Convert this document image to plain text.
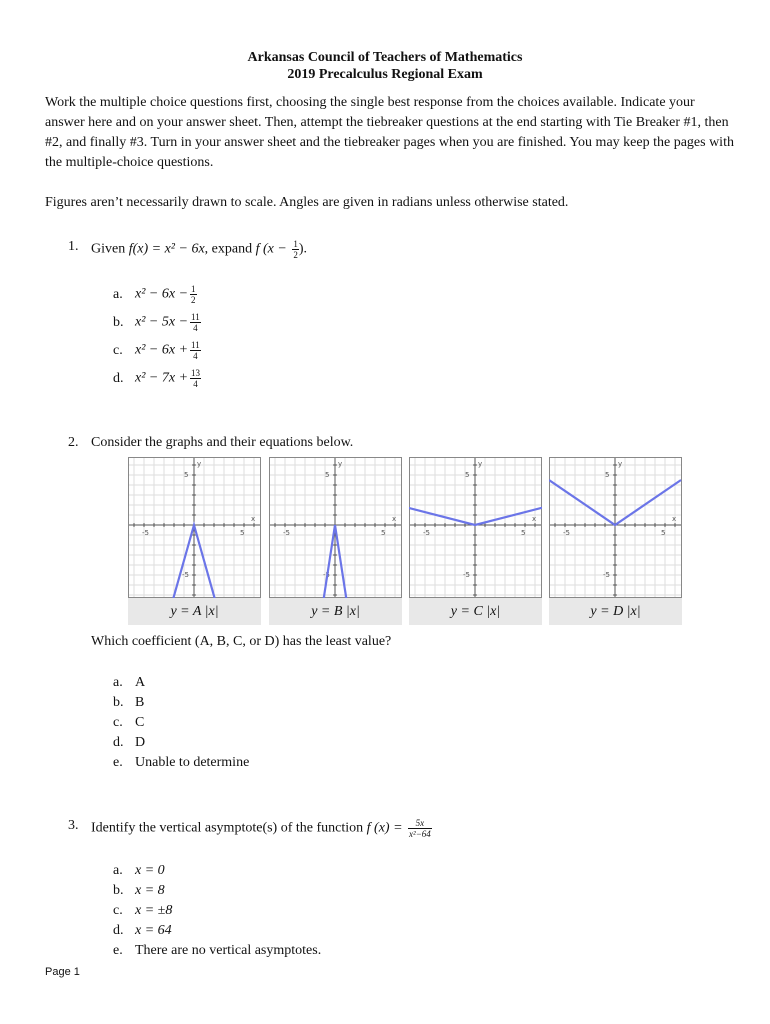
Arkansas Council of Teachers of Mathematics
2019 Precalculus Regional Exam
Work the multiple choice questions first, choosing the single best response from the choices available. Indicate your answer here and on your answer sheet. Then, attempt the tiebreaker questions at the end starting with Tie Breaker #1, then #2, and finally #3. Turn in your answer sheet and the tiebreaker pages when you are finished. You may keep the pages with the multiple-choice questions.
Figures aren’t necessarily drawn to scale. Angles are given in radians unless otherwise stated.
1. Given f(x) = x² − 6x, expand f ($x - \frac{1}{2}$ ).
a. $x^2 - 6x - \frac{1}{2}$
b. $x^2 - 5x - \frac{11}{4}$
c. $x^2 - 6x + \frac{11}{4}$
d. $x^2 - 7x + \frac{13}{4}$
2. Consider the graphs and their equations below.
y
x
5
-5
-5	5
y = A |x|
y
x
5
-5
-5	5
y = B |x|
y
x
5
-5
-5	5
y = C |x|
y
x
5
-5
-5	5
y = D |x|
Which coefficient (A, B, C, or D) has the least value?
a. A
b. B
c. C
d. D
e. Unable to determine
3. Identify the vertical asymptote(s) of the function f $(x) = \frac{5x}{\text{x²−64}}$
a. x = 0
b. x = 8
c. x = ±8
d. x = 64
e. There are no vertical asymptotes.
Page 1
